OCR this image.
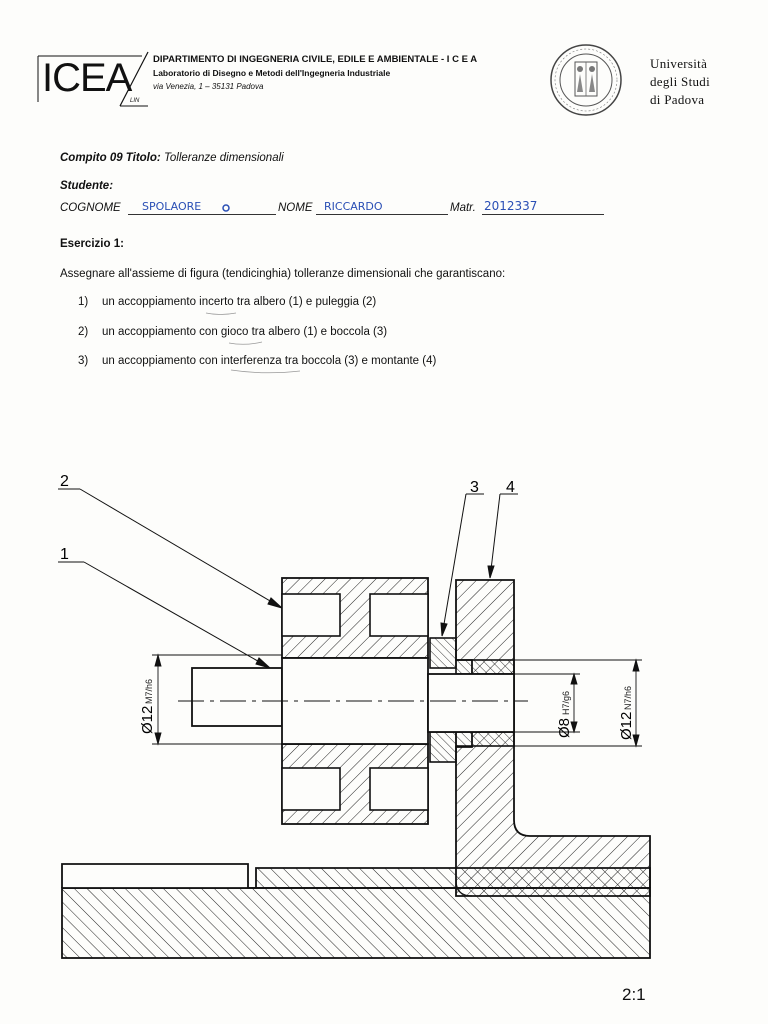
ICEA
LIN
DIPARTIMENTO DI INGEGNERIA CIVILE, EDILE E AMBIENTALE - I C E A
Laboratorio di Disegno e Metodi dell'Ingegneria Industriale
via Venezia, 1 – 35131 Padova
Università
degli Studi
di Padova
Compito 09 Titolo: Tolleranze dimensionali
Studente:
COGNOME SPOLAORE	NOME RICCARDO	Matr. 2012337
Esercizio 1:
Assegnare all'assieme di figura (tendicinghia) tolleranze dimensionali che garantiscano:
1) un accoppiamento incerto tra albero (1) e puleggia (2)
2) un accoppiamento con gioco tra albero (1) e boccola (3)
3) un accoppiamento con interferenza tra boccola (3) e montante (4)
2
1
3 4
Ø12
M7/h6
Ø8
H7/g6
Ø12
N7/h6
2:1
